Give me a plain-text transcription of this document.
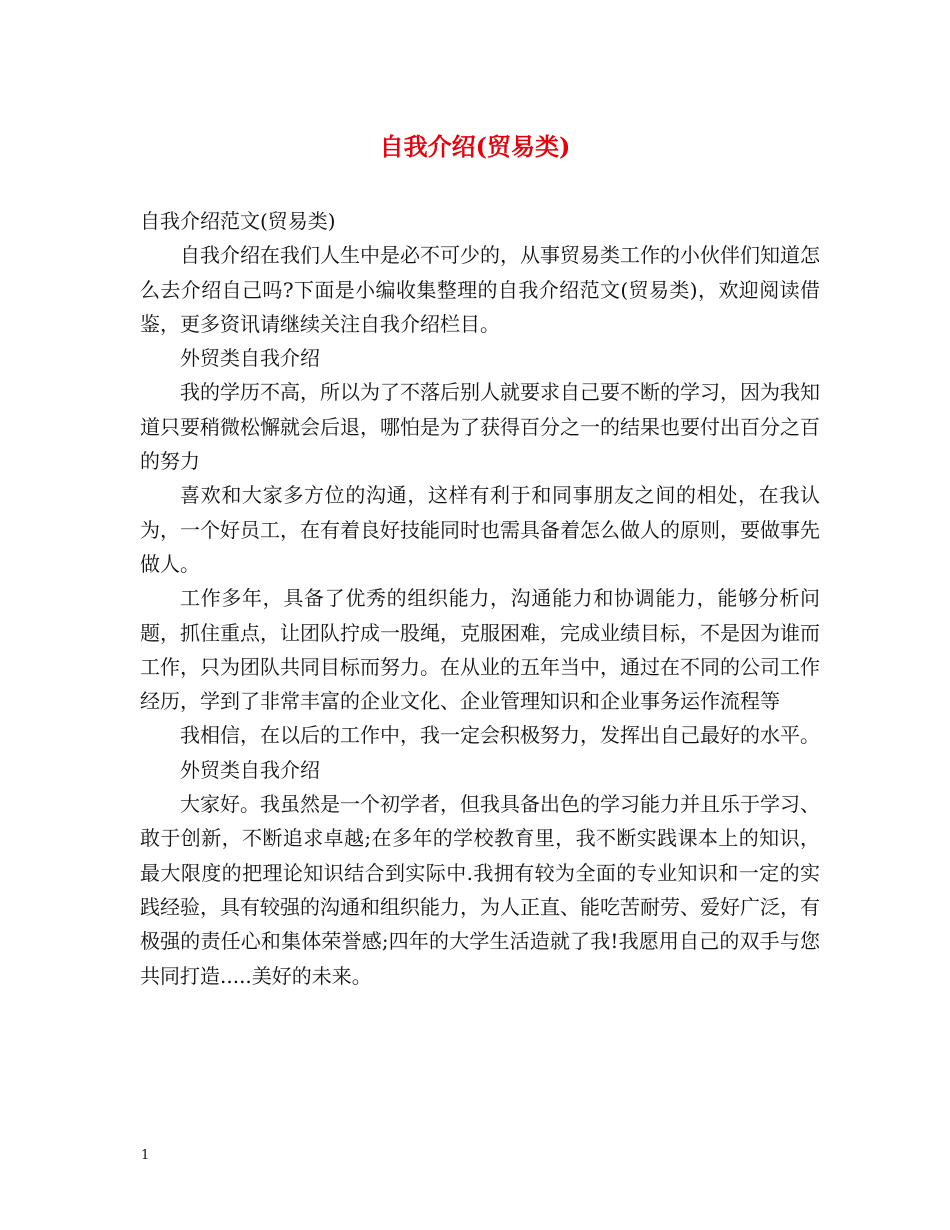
自我介绍(贸易类)

自我介绍范文(贸易类)

自我介绍在我们人生中是必不可少的，从事贸易类工作的小伙伴们知道怎么去介绍自己吗?下面是小编收集整理的自我介绍范文(贸易类)，欢迎阅读借鉴，更多资讯请继续关注自我介绍栏目。

外贸类自我介绍

我的学历不高，所以为了不落后别人就要求自己要不断的学习，因为我知道只要稍微松懈就会后退，哪怕是为了获得百分之一的结果也要付出百分之百的努力

喜欢和大家多方位的沟通，这样有利于和同事朋友之间的相处，在我认为，一个好员工，在有着良好技能同时也需具备着怎么做人的原则，要做事先做人。

工作多年，具备了优秀的组织能力，沟通能力和协调能力，能够分析问题，抓住重点，让团队拧成一股绳，克服困难，完成业绩目标，不是因为谁而工作，只为团队共同目标而努力。在从业的五年当中，通过在不同的公司工作经历，学到了非常丰富的企业文化、企业管理知识和企业事务运作流程等

我相信，在以后的工作中，我一定会积极努力，发挥出自己最好的水平。

外贸类自我介绍

大家好。我虽然是一个初学者，但我具备出色的学习能力并且乐于学习、敢于创新，不断追求卓越;在多年的学校教育里，我不断实践课本上的知识，最大限度的把理论知识结合到实际中.我拥有较为全面的专业知识和一定的实践经验，具有较强的沟通和组织能力，为人正直、能吃苦耐劳、爱好广泛，有极强的责任心和集体荣誉感;四年的大学生活造就了我!我愿用自己的双手与您共同打造.....美好的未来。

1
